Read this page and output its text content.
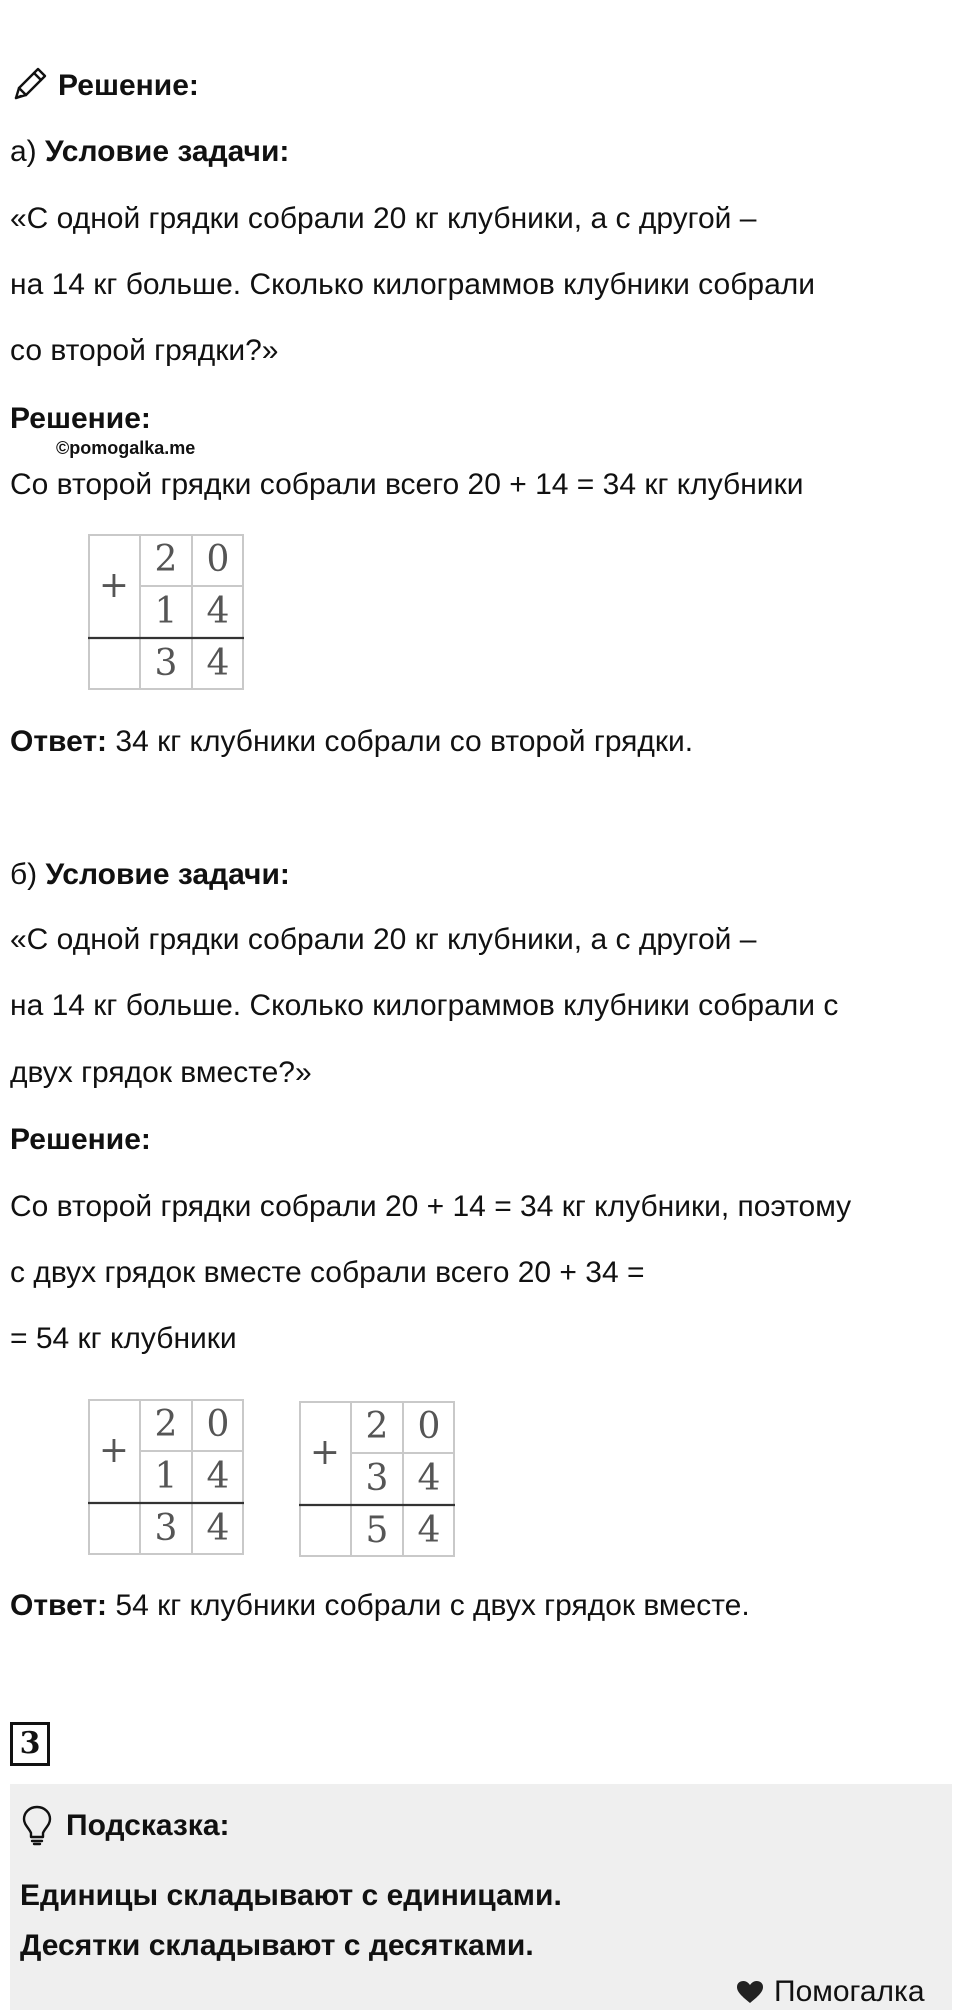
Решение:
а) Условие задачи:
«С одной грядки собрали 20 кг клубники, а с другой –
на 14 кг больше. Сколько килограммов клубники собрали
со второй грядки?»
Решение:
©pomogalka.me
Со второй грядки собрали всего 20 + 14 = 34 кг клубники
+
2 0
1 4
3 4
Ответ: 34 кг клубники собрали со второй грядки.
б) Условие задачи:
«С одной грядки собрали 20 кг клубники, а с другой –
на 14 кг больше. Сколько килограммов клубники собрали с
двух грядок вместе?»
Решение:
Со второй грядки собрали 20 + 14 = 34 кг клубники, поэтому
с двух грядок вместе собрали всего 20 + 34 =
= 54 кг клубники
+
2 0
1 4
3 4
+
2 0
3 4
5 4
Ответ: 54 кг клубники собрали с двух грядок вместе.
3
Подсказка:
Единицы складывают с единицами.
Десятки складывают с десятками.
Помогалка
